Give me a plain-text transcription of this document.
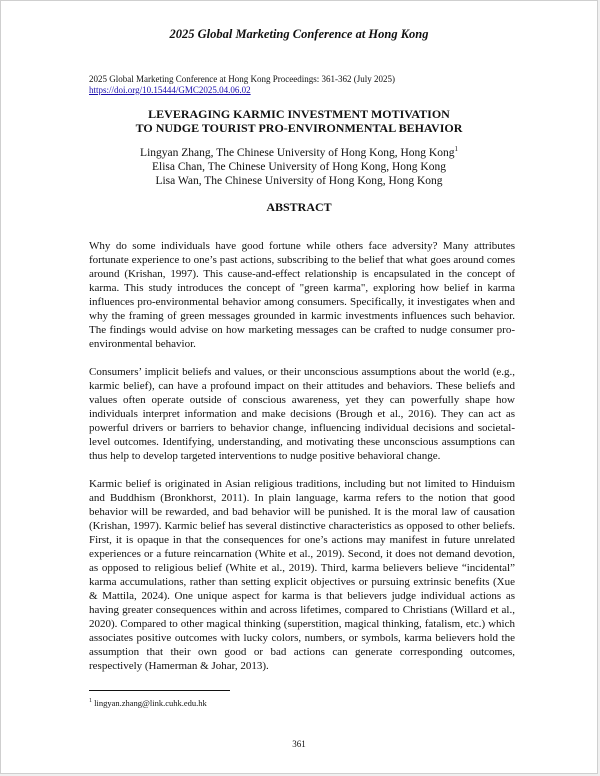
2025 Global Marketing Conference at Hong Kong
2025 Global Marketing Conference at Hong Kong Proceedings: 361-362 (July 2025)
https://doi.org/10.15444/GMC2025.04.06.02
LEVERAGING KARMIC INVESTMENT MOTIVATION
TO NUDGE TOURIST PRO-ENVIRONMENTAL BEHAVIOR
Lingyan Zhang, The Chinese University of Hong Kong, Hong Kong$^1$
Elisa Chan, The Chinese University of Hong Kong, Hong Kong
Lisa Wan, The Chinese University of Hong Kong, Hong Kong
ABSTRACT

Why do some individuals have good fortune while others face adversity? Many attributes fortunate experience to one’s past actions, subscribing to the belief that what goes around comes around (Krishan, 1997). This cause-and-effect relationship is encapsulated in the concept of karma. This study introduces the concept of "green karma", exploring how belief in karma influences pro-environmental behavior among consumers. Specifically, it investigates when and why the framing of green messages grounded in karmic investments influences such behavior. The findings would advise on how marketing messages can be crafted to nudge consumer pro-environmental behavior.

Consumers’ implicit beliefs and values, or their unconscious assumptions about the world (e.g., karmic belief), can have a profound impact on their attitudes and behaviors. These beliefs and values often operate outside of conscious awareness, yet they can powerfully shape how individuals interpret information and make decisions (Brough et al., 2016). They can act as powerful drivers or barriers to behavior change, influencing individual decisions and societal-level outcomes. Identifying, understanding, and motivating these unconscious assumptions can thus help to develop targeted interventions to nudge positive behavioral change.

Karmic belief is originated in Asian religious traditions, including but not limited to Hinduism and Buddhism (Bronkhorst, 2011). In plain language, karma refers to the notion that good behavior will be rewarded, and bad behavior will be punished. It is the moral law of causation (Krishan, 1997). Karmic belief has several distinctive characteristics as opposed to other beliefs. First, it is opaque in that the consequences for one’s actions may manifest in future unrelated experiences or a future reincarnation (White et al., 2019). Second, it does not demand devotion, as opposed to religious belief (White et al., 2019). Third, karma believers believe “incidental” karma accumulations, rather than setting explicit objectives or pursuing extrinsic benefits (Xue & Mattila, 2024). One unique aspect for karma is that believers judge individual actions as having greater consequences within and across lifetimes, compared to Christians (Willard et al., 2020). Compared to other magical thinking (superstition, magical thinking, fatalism, etc.) which associates positive outcomes with lucky colors, numbers, or symbols, karma believers hold the assumption that their own good or bad actions can generate corresponding outcomes, respectively (Hamerman & Johar, 2013).

$^1$ lingyan.zhang@link.cuhk.edu.hk
361
